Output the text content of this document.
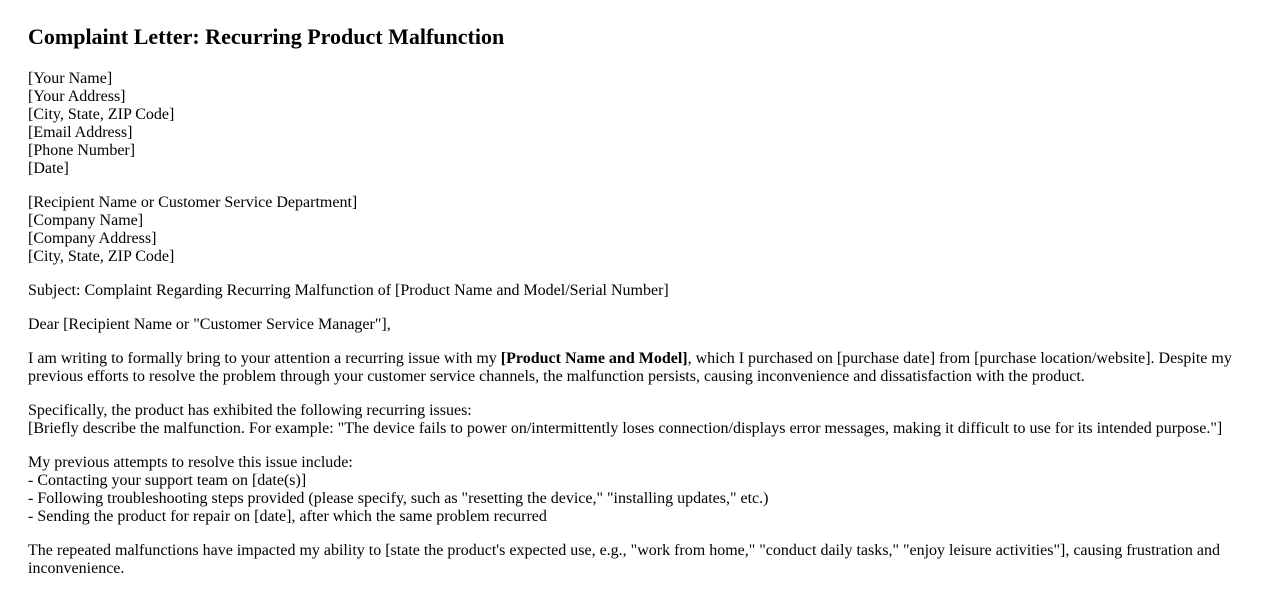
Complaint Letter: Recurring Product Malfunction

[Your Name]
[Your Address]
[City, State, ZIP Code]
[Email Address]
[Phone Number]
[Date]

[Recipient Name or Customer Service Department]
[Company Name]
[Company Address]
[City, State, ZIP Code]

Subject: Complaint Regarding Recurring Malfunction of [Product Name and Model/Serial Number]

Dear [Recipient Name or "Customer Service Manager"],

I am writing to formally bring to your attention a recurring issue with my [Product Name and Model], which I purchased on [purchase date] from [purchase location/website]. Despite my previous efforts to resolve the problem through your customer service channels, the malfunction persists, causing inconvenience and dissatisfaction with the product.

Specifically, the product has exhibited the following recurring issues:
[Briefly describe the malfunction. For example: "The device fails to power on/intermittently loses connection/displays error messages, making it difficult to use for its intended purpose."]

My previous attempts to resolve this issue include:
- Contacting your support team on [date(s)]
- Following troubleshooting steps provided (please specify, such as "resetting the device," "installing updates," etc.)
- Sending the product for repair on [date], after which the same problem recurred

The repeated malfunctions have impacted my ability to [state the product's expected use, e.g., "work from home," "conduct daily tasks," "enjoy leisure activities"], causing frustration and inconvenience.
